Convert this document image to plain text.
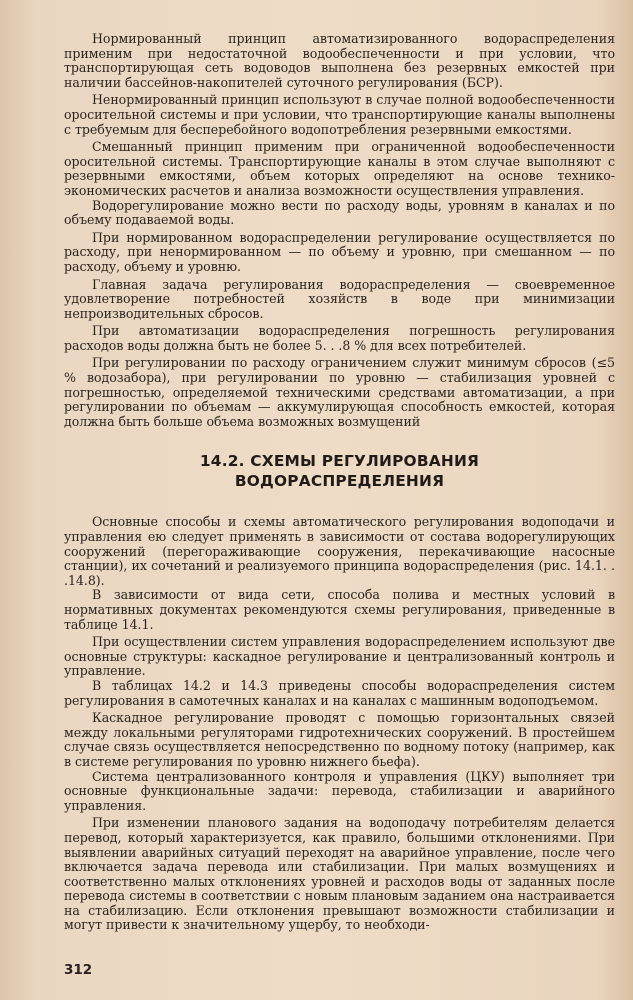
Нормированный принцип автоматизированного водораспределения применим при недостаточной водообеспеченности и при условии, что транспортирующая сеть водоводов выполнена без резервных емкостей при наличии бассейнов-накопителей суточного регулирования (БСР).

Ненормированный принцип используют в случае полной водообеспеченности оросительной системы и при условии, что транспортирующие каналы выполнены с требуемым для бесперебойного водопотребления резервными емкостями.

Смешанный принцип применим при ограниченной водообеспеченности оросительной системы. Транспортирующие каналы в этом случае выполняют с резервными емкостями, объем которых определяют на основе технико-экономических расчетов и анализа возможности осуществления управления.

Водорегулирование можно вести по расходу воды, уровням в каналах и по объему подаваемой воды.

При нормированном водораспределении регулирование осуществляется по расходу, при ненормированном — по объему и уровню, при смешанном — по расходу, объему и уровню.

Главная задача регулирования водораспределения — своевременное удовлетворение потребностей хозяйств в воде при минимизации непроизводительных сбросов.

При автоматизации водораспределения погрешность регулирования расходов воды должна быть не более 5. . .8 % для всех потребителей.

При регулировании по расходу ограничением служит минимум сбросов (≤5 % водозабора), при регулировании по уровню — стабилизация уровней с погрешностью, определяемой техническими средствами автоматизации, а при регулировании по объемам — аккумулирующая способность емкостей, которая должна быть больше объема возможных возмущений

14.2. СХЕМЫ РЕГУЛИРОВАНИЯ
ВОДОРАСПРЕДЕЛЕНИЯ

Основные способы и схемы автоматического регулирования водоподачи и управления ею следует применять в зависимости от состава водорегулирующих сооружений (перегораживающие сооружения, перекачивающие насосные станции), их сочетаний и реализуемого принципа водораспределения (рис. 14.1. . .14.8).

В зависимости от вида сети, способа полива и местных условий в нормативных документах рекомендуются схемы регулирования, приведенные в таблице 14.1.

При осуществлении систем управления водораспределением используют две основные структуры: каскадное регулирование и централизованный контроль и управление.

В таблицах 14.2 и 14.3 приведены способы водораспределения систем регулирования в самотечных каналах и на каналах с машинным водоподъемом.

Каскадное регулирование проводят с помощью горизонтальных связей между локальными регуляторами гидротехнических сооружений. В простейшем случае связь осуществляется непосредственно по водному потоку (например, как в системе регулирования по уровню нижнего бьефа).

Система централизованного контроля и управления (ЦКУ) выполняет три основные функциональные задачи: перевода, стабилизации и аварийного управления.

При изменении планового задания на водоподачу потребителям делается перевод, который характеризуется, как правило, большими отклонениями. При выявлении аварийных ситуаций переходят на аварийное управление, после чего включается задача перевода или стабилизации. При малых возмущениях и соответственно малых отклонениях уровней и расходов воды от заданных после перевода системы в соответствии с новым плановым заданием она настраивается на стабилизацию. Если отклонения превышают возможности стабилизации и могут привести к значительному ущербу, то необходи-

312
